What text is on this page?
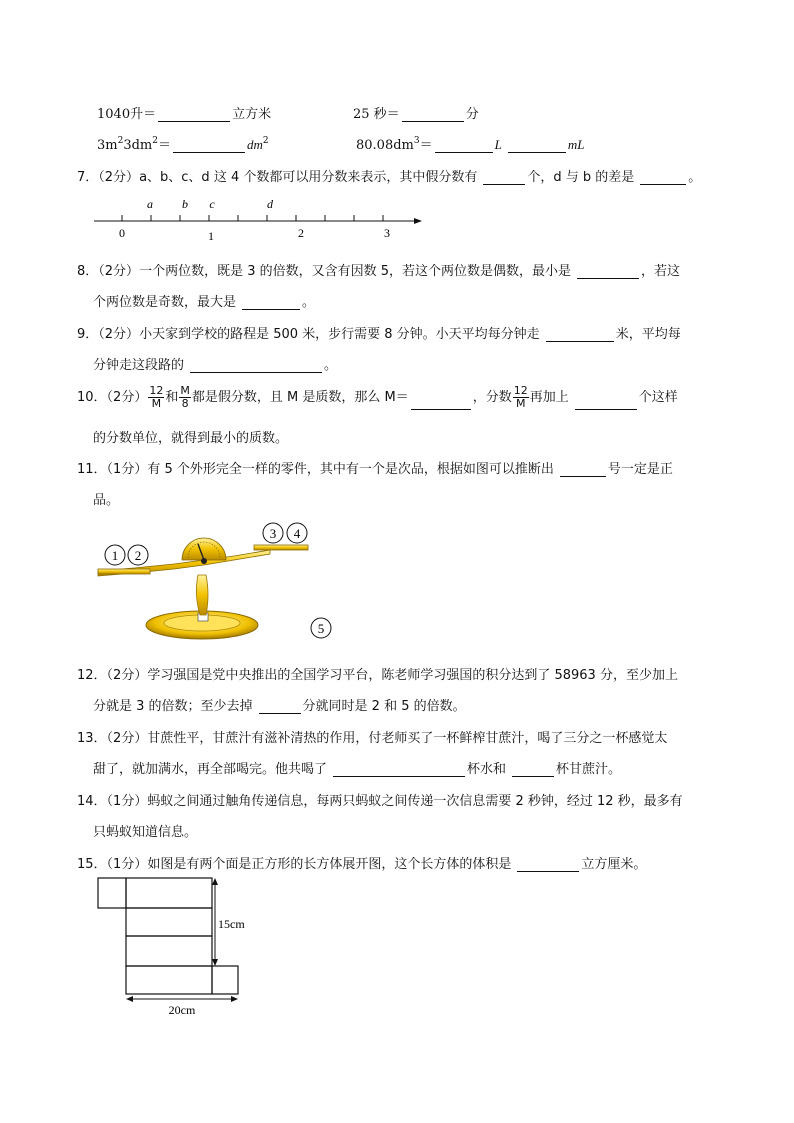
1040升＝	立方米	25 秒＝	分
$3m^23dm^2=$	$dm^2$	$80.08dm^3=$	L	mL
7．（2分）a、b、c、d 这 4 个数都可以用分数来表示，其中假分数有	个，d 与 b 的差是	。
a b c	d
0	1	2	3
8．（2分）一个两位数，既是 3 的倍数，又含有因数 5，若这个两位数是偶数，最小是	，若这
个两位数是奇数，最大是	。
9．（2分）小天家到学校的路程是 500 米，步行需要 8 分钟。小天平均每分钟走	米，平均每
分钟走这段路的	。
10．（2分） $\frac{12}{M}$ 和 $\frac{M}{8}$ 都是假分数，且 M 是质数，那么 M＝	，分数 $\frac{12}{M}$ 再加上	个这样
的分数单位，就得到最小的质数。
11．（1分）有 5 个外形完全一样的零件，其中有一个是次品，根据如图可以推断出	号一定是正
品。
1 2
3 4
5
12．（2分）学习强国是党中央推出的全国学习平台，陈老师学习强国的积分达到了 58963 分，至少加上
分就是 3 的倍数；至少去掉	分就同时是 2 和 5 的倍数。
13．（2分）甘蔗性平，甘蔗汁有滋补清热的作用，付老师买了一杯鲜榨甘蔗汁，喝了三分之一杯感觉太
甜了，就加满水，再全部喝完。他共喝了	杯水和	杯甘蔗汁。
14．（1分）蚂蚁之间通过触角传递信息，每两只蚂蚁之间传递一次信息需要 2 秒钟，经过 12 秒，最多有
只蚂蚁知道信息。
15．（1分）如图是有两个面是正方形的长方体展开图，这个长方体的体积是	立方厘米。
15cm
20cm
